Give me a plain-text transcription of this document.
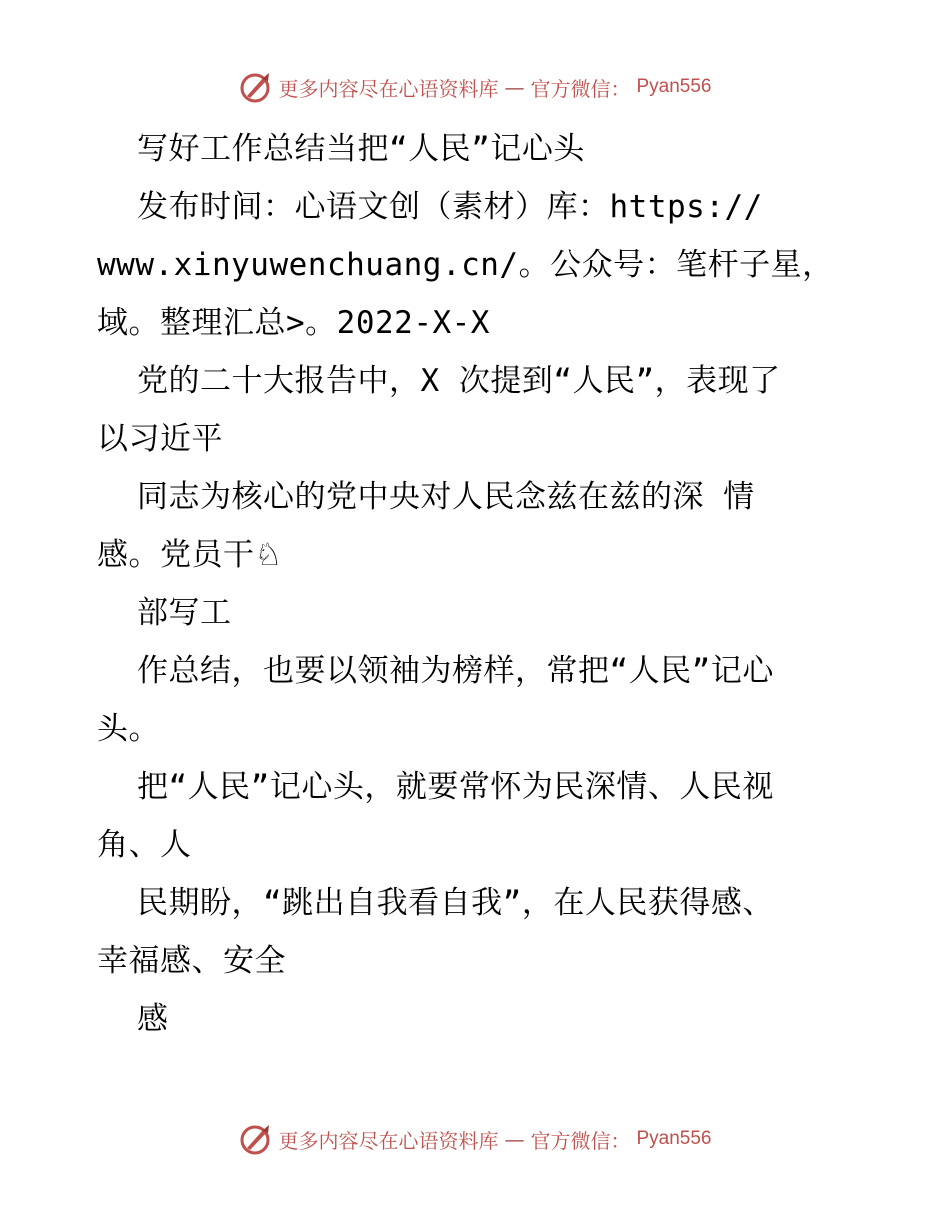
更多内容尽在心语资料库 — 官方微信： Pyan556
写好工作总结当把“人民”记心头
发布时间：心语文创（素材）库：https://
www.xinyuwenchuang.cn/。公众号：笔杆子星，
域。整理汇总>。2022-X-X
党的二十大报告中，X 次提到“人民”，表现了
以习近平
同志为核心的党中央对人民念兹在兹的深 情
感。党员干♘
部写工
作总结，也要以领袖为榜样，常把“人民”记心
头。
把“人民”记心头，就要常怀为民深情、人民视
角、人
民期盼，“跳出自我看自我”，在人民获得感、
幸福感、安全
感
更多内容尽在心语资料库 — 官方微信： Pyan556
